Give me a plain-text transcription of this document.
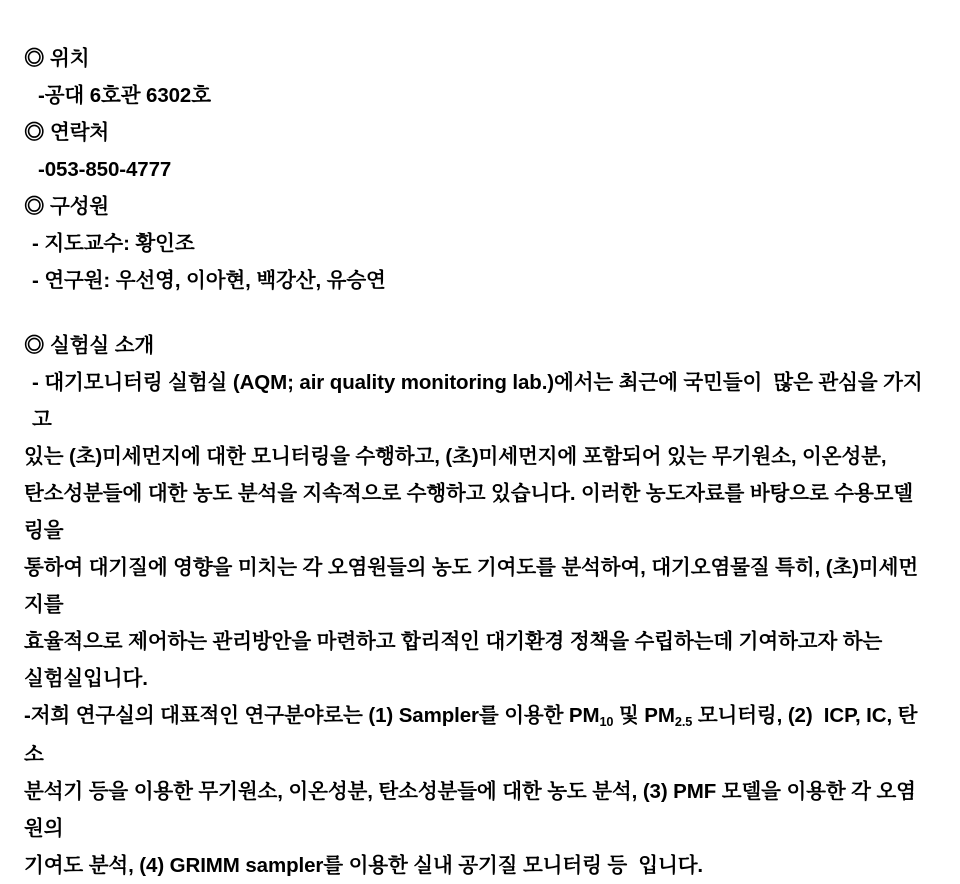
◎ 위치
-공대 6호관 6302호
◎ 연락처
-053-850-4777
◎ 구성원
- 지도교수: 황인조
- 연구원: 우선영, 이아현, 백강산, 유승연
◎ 실험실 소개
- 대기모니터링 실험실 (AQM; air quality monitoring lab.)에서는 최근에 국민들이  많은 관심을 가지고
있는 (초)미세먼지에 대한 모니터링을 수행하고, (초)미세먼지에 포함되어 있는 무기원소, 이온성분,
탄소성분들에 대한 농도 분석을 지속적으로 수행하고 있습니다. 이러한 농도자료를 바탕으로 수용모델링을
통하여 대기질에 영향을 미치는 각 오염원들의 농도 기여도를 분석하여, 대기오염물질 특히, (초)미세먼지를
효율적으로 제어하는 관리방안을 마련하고 합리적인 대기환경 정책을 수립하는데 기여하고자 하는
실험실입니다.
-저희 연구실의 대표적인 연구분야로는 (1) Sampler를 이용한 $PM_{10}$ 및 $PM_{2.5}$ 모니터링, (2)  ICP, IC, 탄소
분석기 등을 이용한 무기원소, 이온성분, 탄소성분들에 대한 농도 분석, (3) PMF 모델을 이용한 각 오염원의
기여도 분석, (4) GRIMM sampler를 이용한 실내 공기질 모니터링 등  입니다.
